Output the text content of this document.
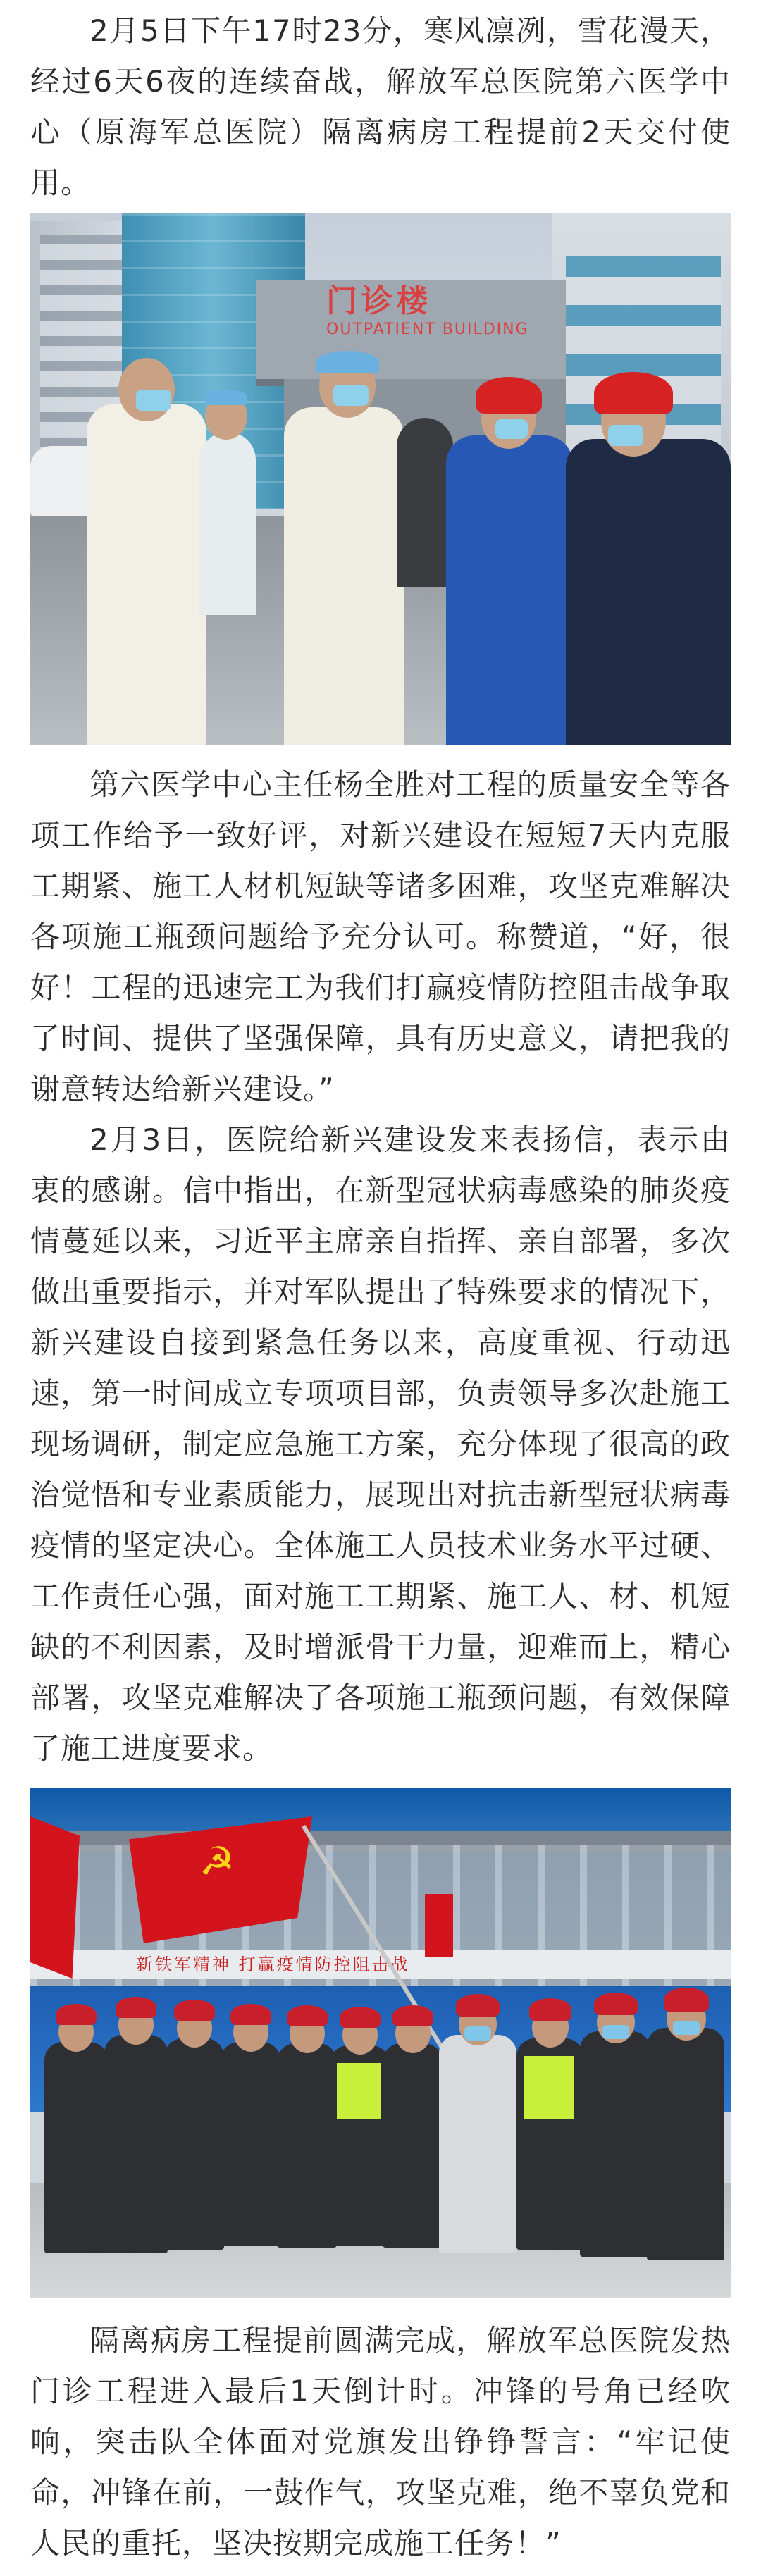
2月5日下午17时23分，寒风凛冽，雪花漫天，经过6天6夜的连续奋战，解放军总医院第六医学中心（原海军总医院）隔离病房工程提前2天交付使用。

门诊楼
OUTPATIENT BUILDING

第六医学中心主任杨全胜对工程的质量安全等各项工作给予一致好评，对新兴建设在短短7天内克服工期紧、施工人材机短缺等诸多困难，攻坚克难解决各项施工瓶颈问题给予充分认可。称赞道，“好，很好！工程的迅速完工为我们打赢疫情防控阻击战争取了时间、提供了坚强保障，具有历史意义，请把我的谢意转达给新兴建设。”

2月3日，医院给新兴建设发来表扬信，表示由衷的感谢。信中指出，在新型冠状病毒感染的肺炎疫情蔓延以来，习近平主席亲自指挥、亲自部署，多次做出重要指示，并对军队提出了特殊要求的情况下，新兴建设自接到紧急任务以来，高度重视、行动迅速，第一时间成立专项项目部，负责领导多次赴施工现场调研，制定应急施工方案，充分体现了很高的政治觉悟和专业素质能力，展现出对抗击新型冠状病毒疫情的坚定决心。全体施工人员技术业务水平过硬、工作责任心强，面对施工工期紧、施工人、材、机短缺的不利因素，及时增派骨干力量，迎难而上，精心部署，攻坚克难解决了各项施工瓶颈问题，有效保障了施工进度要求。

新铁军精神 打赢疫情防控阻击战
☭

隔离病房工程提前圆满完成，解放军总医院发热门诊工程进入最后1天倒计时。冲锋的号角已经吹响，突击队全体面对党旗发出铮铮誓言：“牢记使命，冲锋在前，一鼓作气，攻坚克难，绝不辜负党和人民的重托，坚决按期完成施工任务！”
